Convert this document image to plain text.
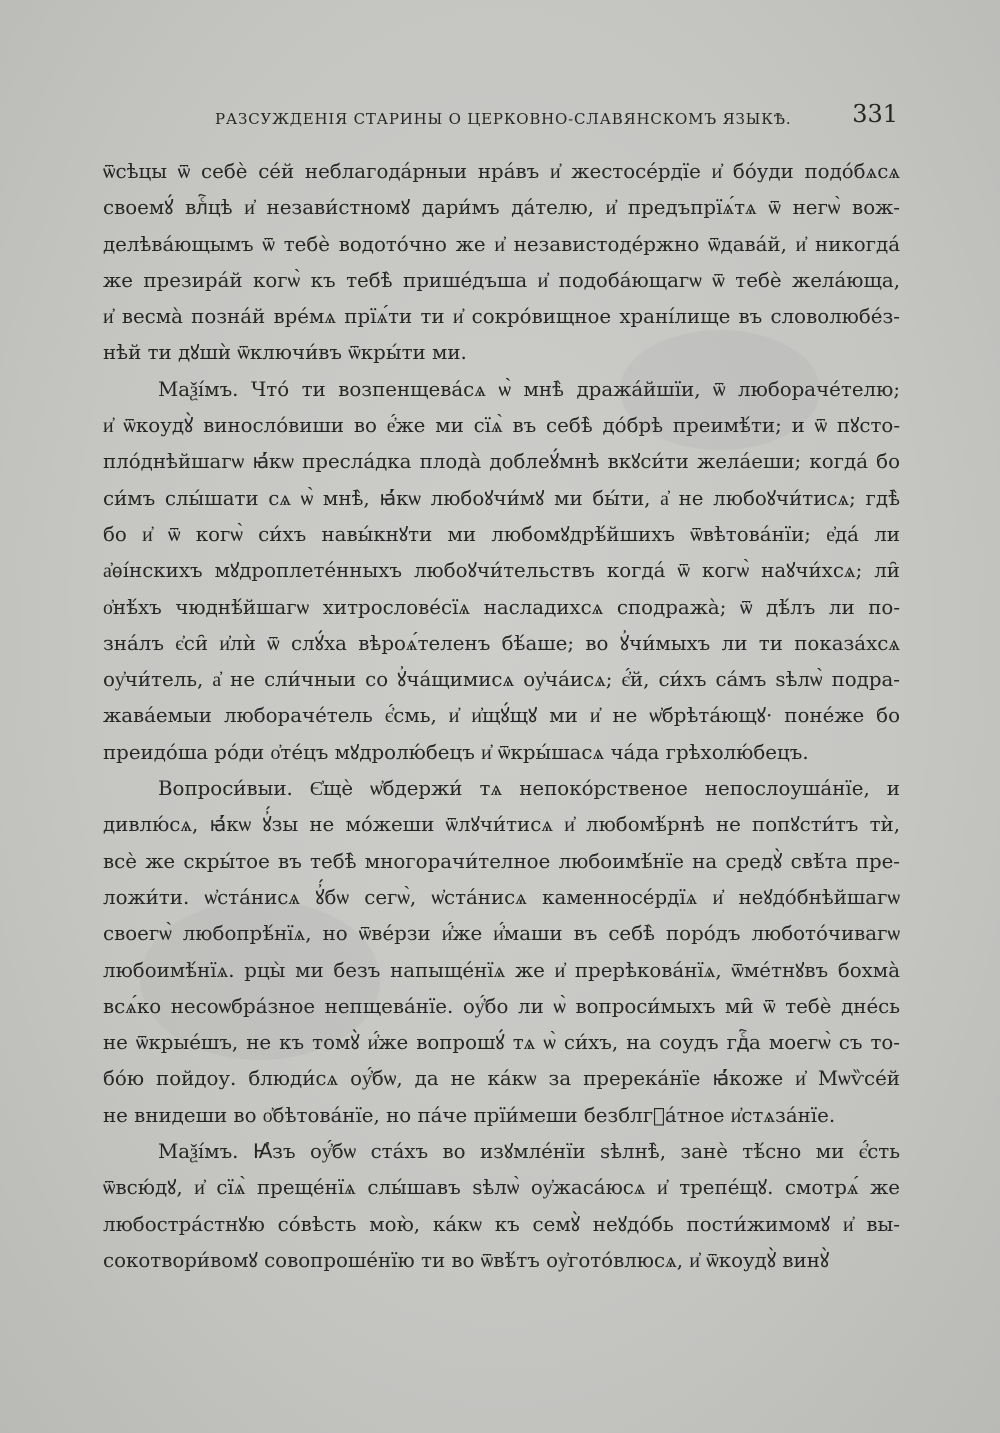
РАЗСУЖДЕНІЯ СТАРИНЫ О ЦЕРКОВНО-СЛАВЯНСКОМЪ ЯЗЫКѢ.	331

ѿсѣцы ѿ себѐ сéй неблагодáрныи нрáвъ и҆ жестосéрдїе и҆ бо́уди подо́бѧсѧ

своемꙋ́ влⷭ҇цѣ и҆ незави́стномꙋ дари́мъ дáтелю, и҆ предъпрїѧ́тѧ ѿ негѡ̀ вож-

делѣвáющымъ ѿ тебѐ водото́чно же и҆ независтодéржно ѿдавáй, и҆ никогдá

же презирáй когѡ̀ къ тебѣ̀ пришéдъша и҆ подобáющагѡ ѿ тебѐ желáюща,

и҆ весмà познáй врéмѧ прїѧ́ти ти и҆ сокро́вищное хранíлище въ словолюбéз-

нѣй ти дꙋшѝ ѿключи́въ ѿкры́ти ми.

Маѯі́мъ. Что́ ти возпенщевáсѧ ѡ̀ мнѣ̀ дражáйшїи, ѿ любораче́телю;

и҆ ѿкоудꙋ̀ виносло́виши во е҆́же ми сїѧ̀ въ себѣ̀ до́брѣ преимѣ́ти; и ѿ пꙋсто-

пло́днѣйшагѡ ꙗ҆́кѡ преслáдка плодà доблеꙋ́мнѣ вкꙋси́ти желáеши; когдá бо

си́мъ слы́шати сѧ ѡ̀ мнѣ̀, ꙗ҆́кѡ любоꙋчи́мꙋ ми бы́ти, а҆ не любоꙋчи́тисѧ; гдѣ̀

бо и҆ ѿ когѡ̀ си́хъ навы́кнꙋти ми любомꙋдрѣ́йшихъ ѿвѣтовáнїи; е҆дá ли

а҆ѳі́нскихъ мꙋдроплетéнныхъ любоꙋчи́тельствъ когдá ѿ когѡ̀ наꙋчи́хсѧ; ли̑

о҆нѣ́хъ чюднѣ́йшагѡ хитрословéсїѧ насладихсѧ сподражà; ѿ дѣ́лъ ли по-

знáлъ є҆си̑ и҆лѝ ѿ слꙋ́ха вѣроѧ́теленъ бѣ́аше; во ꙋ҆чи́мыхъ ли ти показáхсѧ

оу҆чи́тель, а҆ не сли́чныи со ꙋ҆чáщимисѧ оу҆чáисѧ; є҆́й, си́хъ сáмъ ѕѣлѡ̀ подра-

жавáемыи любораче́тель є҆́смь, и҆ и҆щꙋ́щꙋ ми и҆ не ѡ҆брѣтáющꙋ· понéже бо

преидо́ша ро́ди о҆те́цъ мꙋдролю́бецъ и҆ ѿкры́шасѧ чáда грѣхолю́бецъ.

Вопроси́выи. Є҆щѐ ѡ҆бдержи́ тѧ непоко́рственое непослоушáнїе, и

дивлю́сѧ, ꙗ҆́кѡ ꙋ҆́зы не мо́жеши ѿлꙋчи́тисѧ и҆ любомѣ́рнѣ не попꙋсти́тъ тѝ,

всѐ же скры́тое въ тебѣ̀ многорачи́телное любоимѣ́нїе на средꙋ̀ свѣ́та пре-

ложи́ти. ѡ҆стáнисѧ ꙋ҆́бѡ сегѡ̀, ѡ҆стáнисѧ каменносéрдїѧ и҆ неꙋдо́бнѣйшагѡ

своегѡ̀ любопрѣ́нїѧ, но ѿвéрзи и҆́же и҆́маши въ себѣ̀ поро́дъ любото́чивагѡ

любоимѣ́нїѧ. рцы̀ ми безъ напыщéнїѧ же и҆ прерѣковáнїѧ, ѿмéтнꙋвъ бохмà

всѧ́ко несоѡбрáзное непщевáнїе. оу҆́бо ли ѡ̀ вопроси́мыхъ ми̑ ѿ тебѐ днéсь

не ѿкрыéшъ, не къ томꙋ̀ и҆́же вопрошꙋ́ тѧ ѡ̀ си́хъ, на соудъ гдⷭ҇а моегѡ̀ съ то-

бо́ю пойдоу. блюди́сѧ оу҆́бѡ, да не кáкѡ за пререкáнїе ꙗ҆́коже и҆ Мѡѷсéй

не внидеши во о҆бѣтовáнїе, но пáче прїи́меши безблгⷣáтное и҆стѧзáнїе.

Маѯі́мъ. Ꙗ҆зъ оу҆́бѡ стáхъ во изꙋмлéнїи ѕѣлнѣ̀, занѐ тѣ́сно ми є҆́сть

ѿвсю́дꙋ, и҆ сїѧ̀ прещéнїѧ слы́шавъ ѕѣлѡ̀ оу҆жасáюсѧ и҆ трепéщꙋ. смотрѧ́ же

любострáстнꙋю со́вѣсть мою̀, кáкѡ къ семꙋ̀ неꙋдо́бь пости́жимомꙋ и҆ вы-

сокотвори́вомꙋ совопрошéнїю ти во ѿвѣ́тъ оу҆гото́влюсѧ, и҆ ѿкоудꙋ̀ винꙋ̀
